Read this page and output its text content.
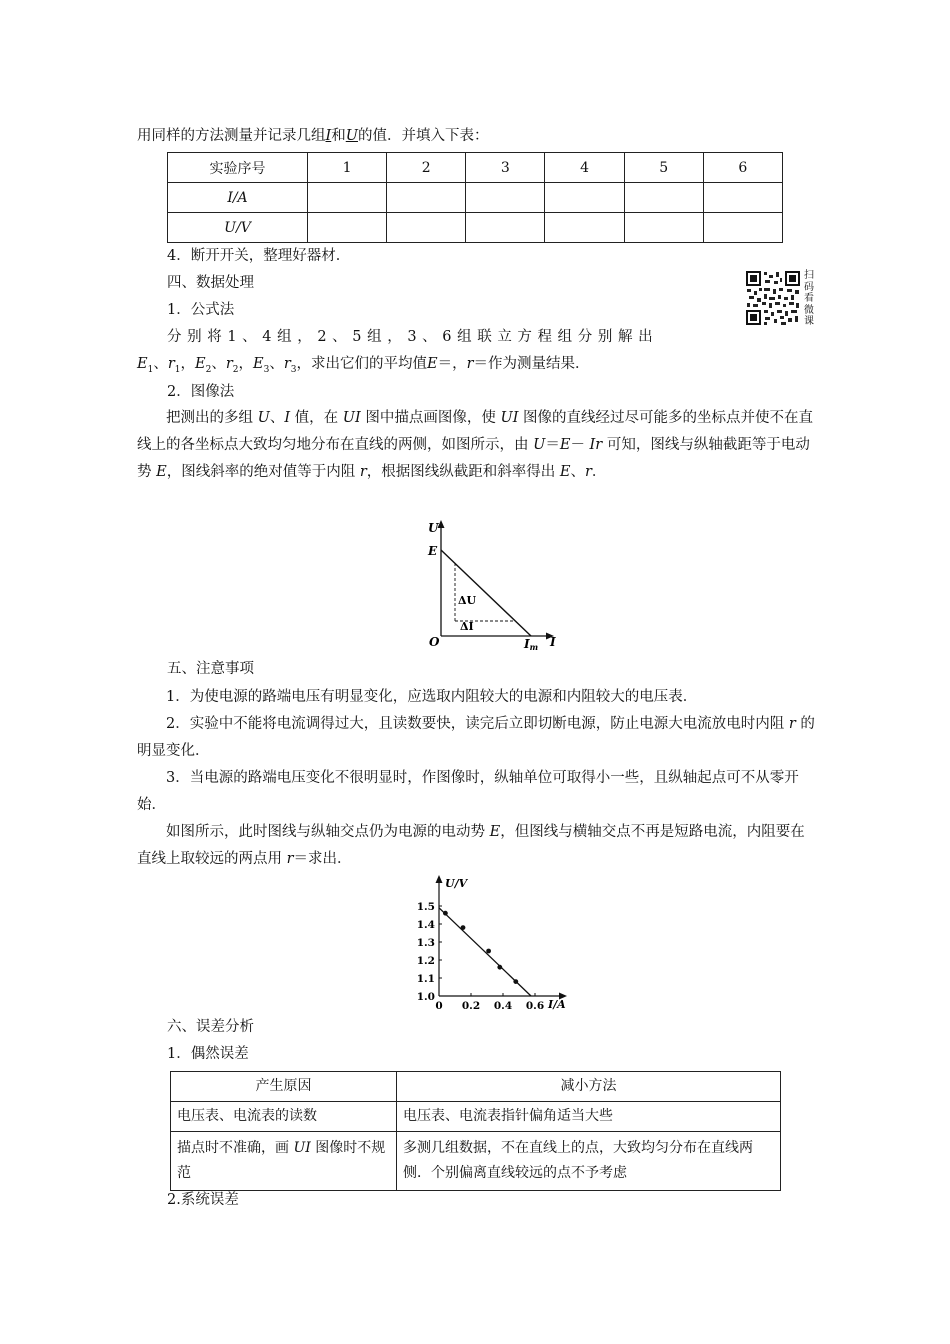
用同样的方法测量并记录几组I和U的值．并填入下表：
实验序号	1	2	3	4	5	6
I/A						
U/V						
4．断开开关，整理好器材．
四、数据处理	扫码看微课
1．公式法
分 别 将 1 、 4 组 ， 2 、 5 组 ， 3 、 6 组 联 立 方 程 组 分 别 解 出
$E_1$、$r_1$，$E_2$、$r_2$，$E_3$、$r_3$，求出它们的平均值E＝，r＝作为测量结果．
2．图像法
把测出的多组 U、I 值，在 UI 图中描点画图像，使 UI 图像的直线经过尽可能多的坐标点并使不在直线上的各坐标点大致均匀地分布在直线的两侧，如图所示，由 U＝E－ Ir 可知，图线与纵轴截距等于电动势 E，图线斜率的绝对值等于内阻 r，根据图线纵截距和斜率得出 E、r．
U
E
ΔU
ΔI
O	Im I
五、注意事项
1．为使电源的路端电压有明显变化，应选取内阻较大的电源和内阻较大的电压表．
2．实验中不能将电流调得过大，且读数要快，读完后立即切断电源，防止电源大电流放电时内阻 r 的明显变化．
3．当电源的路端电压变化不很明显时，作图像时，纵轴单位可取得小一些，且纵轴起点可不从零开始．
如图所示，此时图线与纵轴交点仍为电源的电动势 E，但图线与横轴交点不再是短路电流，内阻要在直线上取较远的两点用 r＝求出．
U/V
I/A
1.0
1.1
1.2
1.3
1.4
1.5
0 0.2 0.4 0.6
六、误差分析
1．偶然误差
产生原因	减小方法
电压表、电流表的读数	电压表、电流表指针偏角适当大些
描点时不准确，画 UI 图像时不规范	多测几组数据，不在直线上的点，大致均匀分布在直线两侧．个别偏离直线较远的点不予考虑
2.系统误差
